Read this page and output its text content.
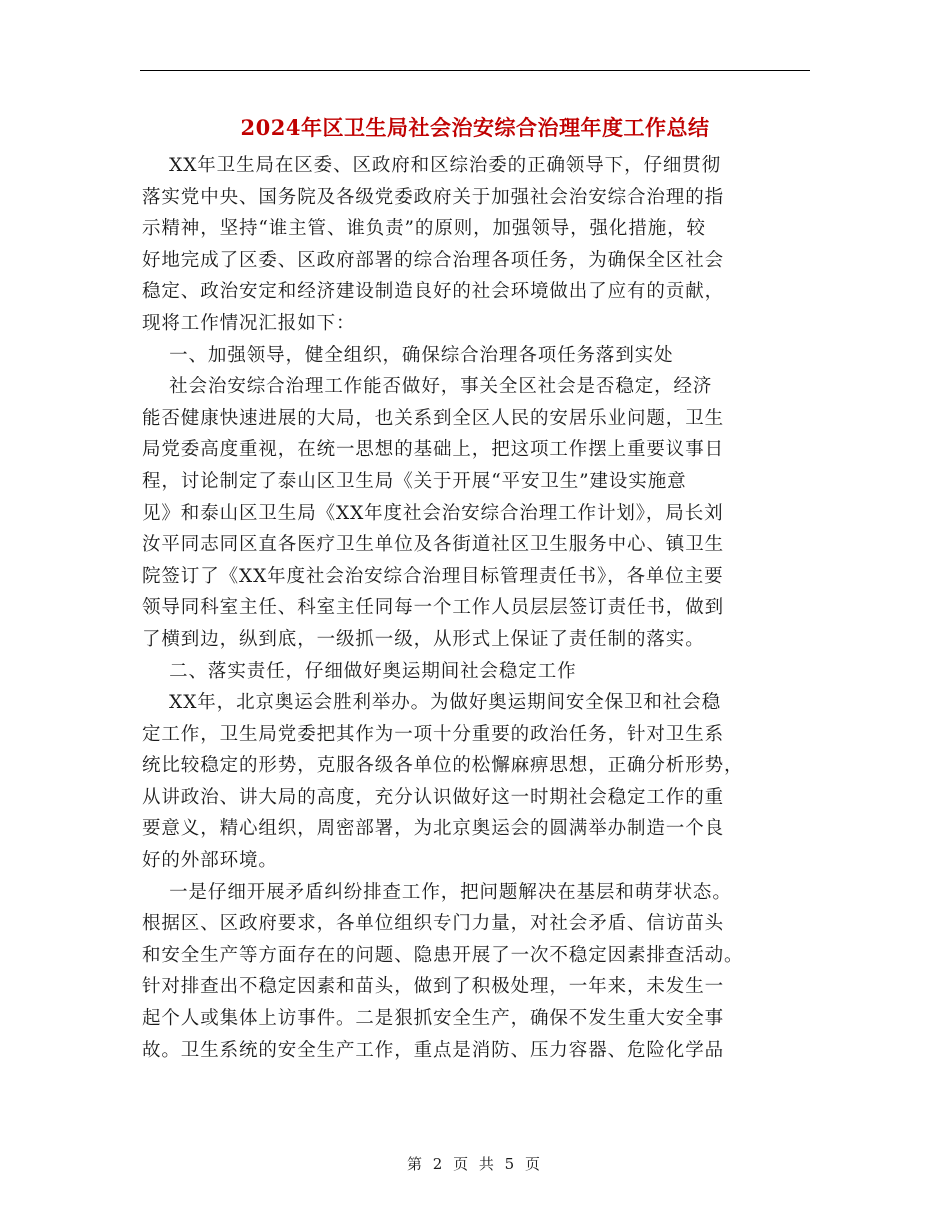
2024年区卫生局社会治安综合治理年度工作总结
XX年卫生局在区委、区政府和区综治委的正确领导下，仔细贯彻
落实党中央、国务院及各级党委政府关于加强社会治安综合治理的指
示精神，坚持“谁主管、谁负责”的原则，加强领导，强化措施，较
好地完成了区委、区政府部署的综合治理各项任务，为确保全区社会
稳定、政治安定和经济建设制造良好的社会环境做出了应有的贡献，
现将工作情况汇报如下：
一、加强领导，健全组织，确保综合治理各项任务落到实处
社会治安综合治理工作能否做好，事关全区社会是否稳定，经济
能否健康快速进展的大局，也关系到全区人民的安居乐业问题，卫生
局党委高度重视，在统一思想的基础上，把这项工作摆上重要议事日
程，讨论制定了泰山区卫生局《关于开展“平安卫生”建设实施意
见》和泰山区卫生局《XX年度社会治安综合治理工作计划》，局长刘
汝平同志同区直各医疗卫生单位及各街道社区卫生服务中心、镇卫生
院签订了《XX年度社会治安综合治理目标管理责任书》，各单位主要
领导同科室主任、科室主任同每一个工作人员层层签订责任书，做到
了横到边，纵到底，一级抓一级，从形式上保证了责任制的落实。
二、落实责任，仔细做好奥运期间社会稳定工作
XX年，北京奥运会胜利举办。为做好奥运期间安全保卫和社会稳
定工作，卫生局党委把其作为一项十分重要的政治任务，针对卫生系
统比较稳定的形势，克服各级各单位的松懈麻痹思想，正确分析形势，
从讲政治、讲大局的高度，充分认识做好这一时期社会稳定工作的重
要意义，精心组织，周密部署，为北京奥运会的圆满举办制造一个良
好的外部环境。
一是仔细开展矛盾纠纷排查工作，把问题解决在基层和萌芽状态。
根据区、区政府要求，各单位组织专门力量，对社会矛盾、信访苗头
和安全生产等方面存在的问题、隐患开展了一次不稳定因素排查活动。
针对排查出不稳定因素和苗头，做到了积极处理，一年来，未发生一
起个人或集体上访事件。二是狠抓安全生产，确保不发生重大安全事
故。卫生系统的安全生产工作，重点是消防、压力容器、危险化学品
第 2 页 共 5 页
